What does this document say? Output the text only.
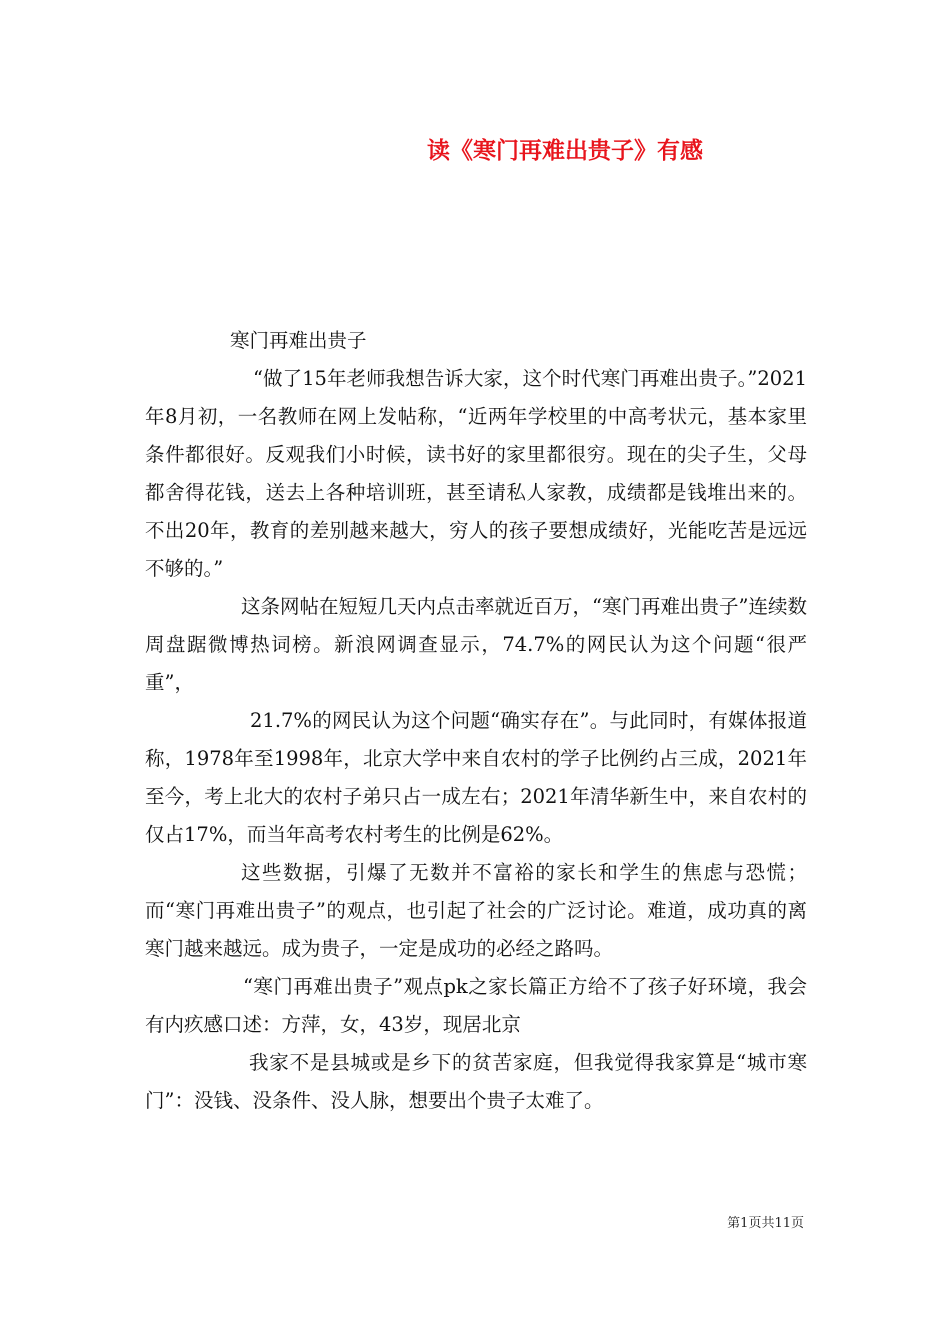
读《寒门再难出贵子》有感

寒门再难出贵子

“做了15年老师我想告诉大家，这个时代寒门再难出贵子。”2021年8月初，一名教师在网上发帖称，“近两年学校里的中高考状元，基本家里条件都很好。反观我们小时候，读书好的家里都很穷。现在的尖子生，父母都舍得花钱，送去上各种培训班，甚至请私人家教，成绩都是钱堆出来的。不出20年，教育的差别越来越大，穷人的孩子要想成绩好，光能吃苦是远远不够的。”

这条网帖在短短几天内点击率就近百万，“寒门再难出贵子”连续数周盘踞微博热词榜。新浪网调查显示，74.7%的网民认为这个问题“很严重”，

21.7%的网民认为这个问题“确实存在”。与此同时，有媒体报道称，1978年至1998年，北京大学中来自农村的学子比例约占三成，2021年至今，考上北大的农村子弟只占一成左右；2021年清华新生中，来自农村的仅占17%，而当年高考农村考生的比例是62%。

这些数据，引爆了无数并不富裕的家长和学生的焦虑与恐慌；而“寒门再难出贵子”的观点，也引起了社会的广泛讨论。难道，成功真的离寒门越来越远。成为贵子，一定是成功的必经之路吗。

“寒门再难出贵子”观点pk之家长篇正方给不了孩子好环境，我会有内疚感口述：方萍，女，43岁，现居北京

我家不是县城或是乡下的贫苦家庭，但我觉得我家算是“城市寒门”：没钱、没条件、没人脉，想要出个贵子太难了。

第1页共11页
